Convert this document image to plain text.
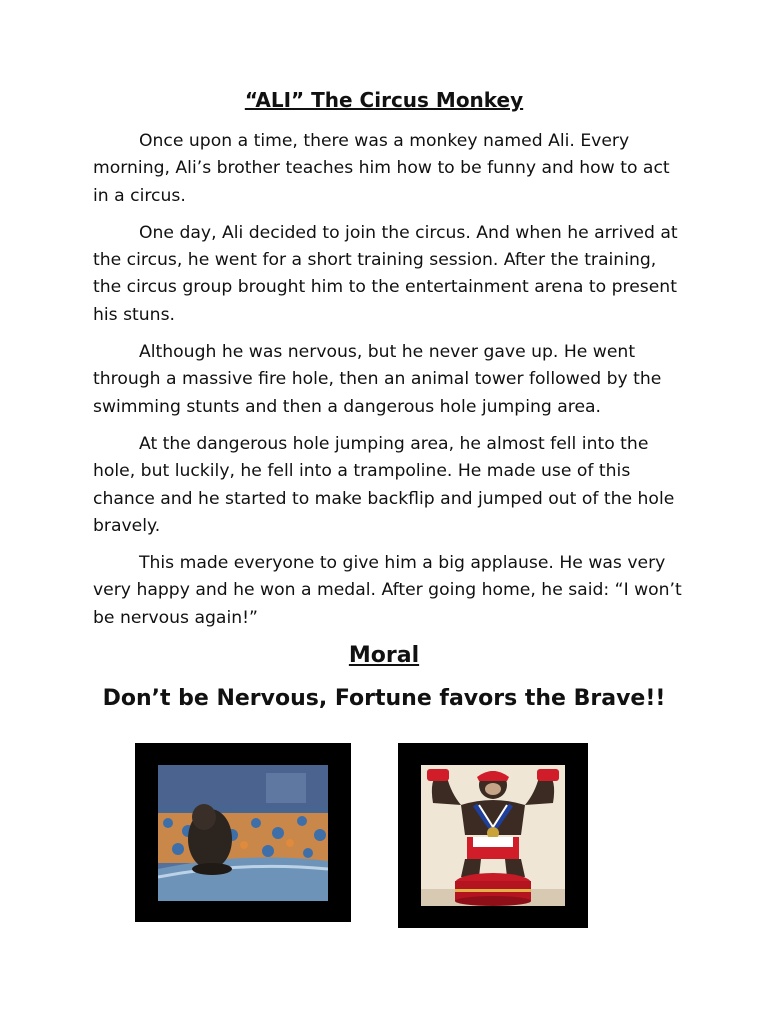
“ALI” The Circus Monkey

Once upon a time, there was a monkey named Ali. Every morning, Ali’s brother teaches him how to be funny and how to act in a circus.

One day, Ali decided to join the circus. And when he arrived at the circus, he went for a short training session. After the training, the circus group brought him to the entertainment arena to present his stuns.

Although he was nervous, but he never gave up. He went through a massive fire hole, then an animal tower followed by the swimming stunts and then a dangerous hole jumping area.

At the dangerous hole jumping area, he almost fell into the hole, but luckily, he fell into a trampoline. He made use of this chance and he started to make backflip and jumped out of the hole bravely.

This made everyone to give him a big applause. He was very very happy and he won a medal. After going home, he said: “I won’t be nervous again!”

Moral
Don’t be Nervous, Fortune favors the Brave!!
